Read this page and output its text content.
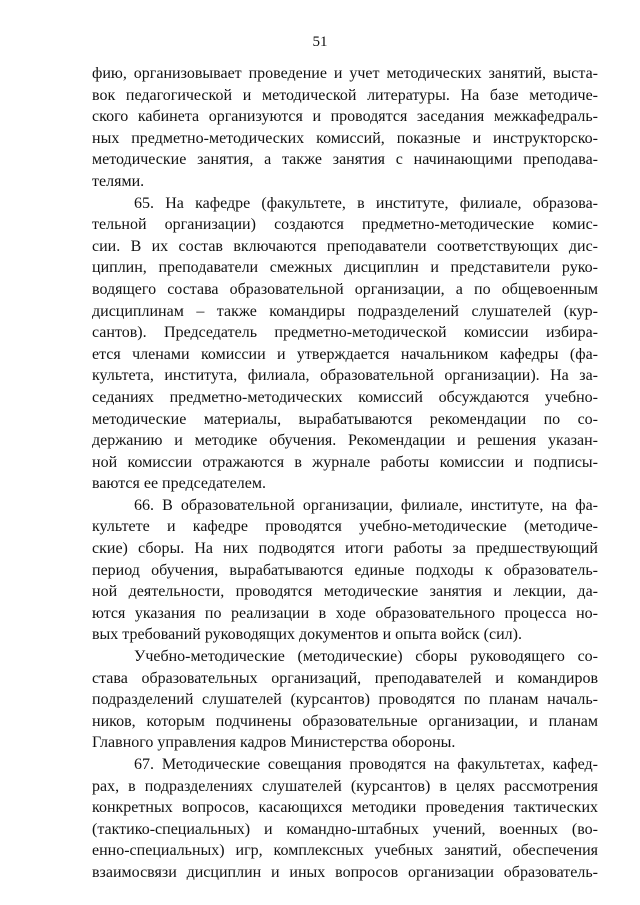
51
фию, организовывает проведение и учет методических занятий, выста-
вок педагогической и методической литературы. На базе методиче-
ского кабинета организуются и проводятся заседания межкафедраль-
ных предметно-методических комиссий, показные и инструкторско-
методические занятия, а также занятия с начинающими преподава-
телями.
65. На кафедре (факультете, в институте, филиале, образова-
тельной организации) создаются предметно-методические комис-
сии. В их состав включаются преподаватели соответствующих дис-
циплин, преподаватели смежных дисциплин и представители руко-
водящего состава образовательной организации, а по общевоенным
дисциплинам – также командиры подразделений слушателей (кур-
сантов). Председатель предметно-методической комиссии избира-
ется членами комиссии и утверждается начальником кафедры (фа-
культета, института, филиала, образовательной организации). На за-
седаниях предметно-методических комиссий обсуждаются учебно-
методические материалы, вырабатываются рекомендации по со-
держанию и методике обучения. Рекомендации и решения указан-
ной комиссии отражаются в журнале работы комиссии и подписы-
ваются ее председателем.
66. В образовательной организации, филиале, институте, на фа-
культете и кафедре проводятся учебно-методические (методиче-
ские) сборы. На них подводятся итоги работы за предшествующий
период обучения, вырабатываются единые подходы к образователь-
ной деятельности, проводятся методические занятия и лекции, да-
ются указания по реализации в ходе образовательного процесса но-
вых требований руководящих документов и опыта войск (сил).
Учебно-методические (методические) сборы руководящего со-
става образовательных организаций, преподавателей и командиров
подразделений слушателей (курсантов) проводятся по планам началь-
ников, которым подчинены образовательные организации, и планам
Главного управления кадров Министерства обороны.
67. Методические совещания проводятся на факультетах, кафед-
рах, в подразделениях слушателей (курсантов) в целях рассмотрения
конкретных вопросов, касающихся методики проведения тактических
(тактико-специальных) и командно-штабных учений, военных (во-
енно-специальных) игр, комплексных учебных занятий, обеспечения
взаимосвязи дисциплин и иных вопросов организации образователь-
